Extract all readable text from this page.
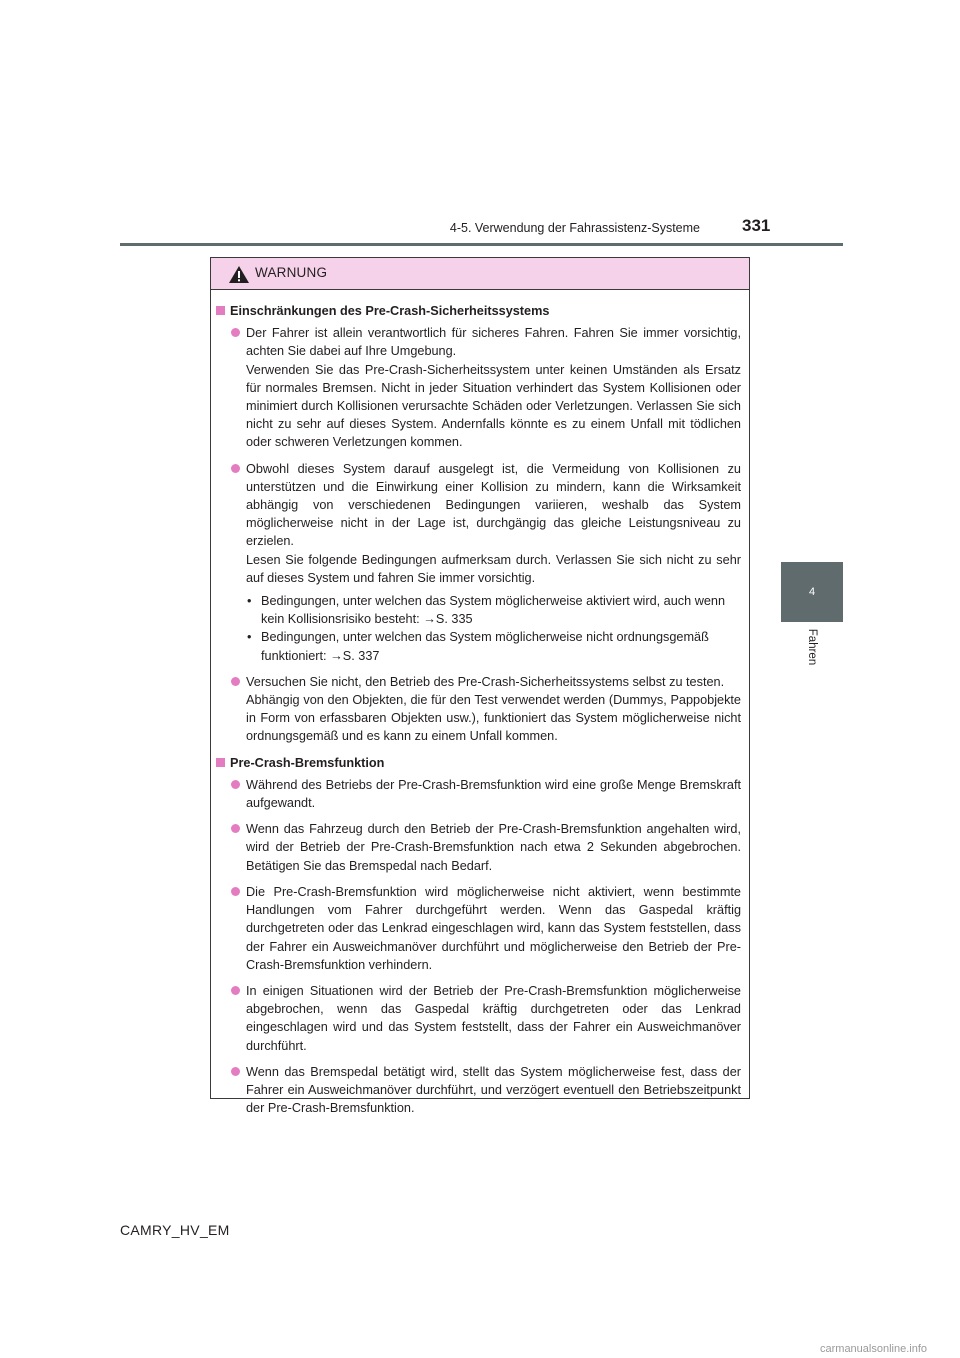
4-5. Verwendung der Fahrassistenz-Systeme 331
4
Fahren
WARNUNG
Einschränkungen des Pre-Crash-Sicherheitssystems

Der Fahrer ist allein verantwortlich für sicheres Fahren. Fahren Sie immer vorsichtig, achten Sie dabei auf Ihre Umgebung.

Verwenden Sie das Pre-Crash-Sicherheitssystem unter keinen Umständen als Ersatz für normales Bremsen. Nicht in jeder Situation verhindert das System Kollisionen oder minimiert durch Kollisionen verursachte Schäden oder Verletzungen. Verlassen Sie sich nicht zu sehr auf dieses System. Andernfalls könnte es zu einem Unfall mit tödlichen oder schweren Verletzungen kommen.

Obwohl dieses System darauf ausgelegt ist, die Vermeidung von Kollisionen zu unterstützen und die Einwirkung einer Kollision zu mindern, kann die Wirksamkeit abhängig von verschiedenen Bedingungen variieren, weshalb das System möglicherweise nicht in der Lage ist, durchgängig das gleiche Leistungsniveau zu erzielen.

Lesen Sie folgende Bedingungen aufmerksam durch. Verlassen Sie sich nicht zu sehr auf dieses System und fahren Sie immer vorsichtig.

• Bedingungen, unter welchen das System möglicherweise aktiviert wird, auch wenn kein Kollisionsrisiko besteht: →S. 335
• Bedingungen, unter welchen das System möglicherweise nicht ordnungsgemäß funktioniert: →S. 337

Versuchen Sie nicht, den Betrieb des Pre-Crash-Sicherheitssystems selbst zu testen.

Abhängig von den Objekten, die für den Test verwendet werden (Dummys, Pappobjekte in Form von erfassbaren Objekten usw.), funktioniert das System möglicherweise nicht ordnungsgemäß und es kann zu einem Unfall kommen.

Pre-Crash-Bremsfunktion

Während des Betriebs der Pre-Crash-Bremsfunktion wird eine große Menge Bremskraft aufgewandt.

Wenn das Fahrzeug durch den Betrieb der Pre-Crash-Bremsfunktion angehalten wird, wird der Betrieb der Pre-Crash-Bremsfunktion nach etwa 2 Sekunden abgebrochen. Betätigen Sie das Bremspedal nach Bedarf.

Die Pre-Crash-Bremsfunktion wird möglicherweise nicht aktiviert, wenn bestimmte Handlungen vom Fahrer durchgeführt werden. Wenn das Gaspedal kräftig durchgetreten oder das Lenkrad eingeschlagen wird, kann das System feststellen, dass der Fahrer ein Ausweichmanöver durchführt und möglicherweise den Betrieb der Pre-Crash-Bremsfunktion verhindern.

In einigen Situationen wird der Betrieb der Pre-Crash-Bremsfunktion möglicherweise abgebrochen, wenn das Gaspedal kräftig durchgetreten oder das Lenkrad eingeschlagen wird und das System feststellt, dass der Fahrer ein Ausweichmanöver durchführt.

Wenn das Bremspedal betätigt wird, stellt das System möglicherweise fest, dass der Fahrer ein Ausweichmanöver durchführt, und verzögert eventuell den Betriebszeitpunkt der Pre-Crash-Bremsfunktion.

CAMRY_HV_EM
carmanualsonline.info
